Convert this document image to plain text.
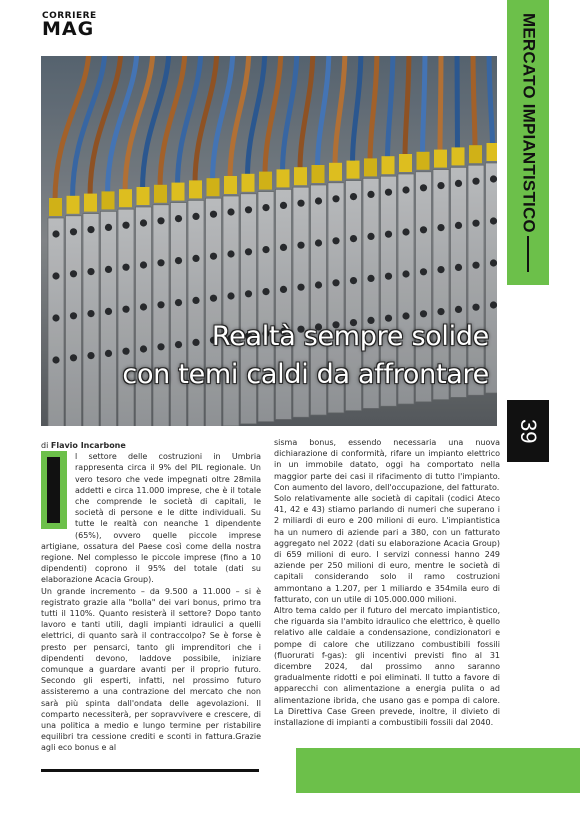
CORRIERE
MAG	MERCATO IMPIANTISTICO
39
Realtà sempre solide
con temi caldi da affrontare
di Flavio Incarbone

l settore delle costruzioni in Umbria rappresenta circa il 9% del PIL regionale. Un vero tesoro che vede impegnati oltre 28mila addetti e circa 11.000 imprese, che è il totale che comprende le società di capitali, le società di persone e le ditte individuali. Su tutte le realtà con neanche 1 dipendente (65%), ovvero quelle piccole imprese artigiane, ossatura del Paese così come della nostra regione. Nel complesso le piccole imprese (fino a 10 dipendenti) coprono il 95% del totale (dati su elaborazione Acacia Group).

Un grande incremento – da 9.500 a 11.000 – si è registrato grazie alla "bolla" dei vari bonus, primo tra tutti il 110%. Quanto resisterà il settore? Dopo tanto lavoro e tanti utili, dagli impianti idraulici a quelli elettrici, di quanto sarà il contraccolpo? Se è forse è presto per pensarci, tanto gli imprenditori che i dipendenti devono, laddove possibile, iniziare comunque a guardare avanti per il proprio futuro. Secondo gli esperti, infatti, nel prossimo futuro assisteremo a una contrazione del mercato che non sarà più spinta dall'ondata delle agevolazioni. Il comparto necessiterà, per sopravvivere e crescere, di una politica a medio e lungo termine per ristabilire equilibri tra cessione crediti e sconti in fattura.Grazie agli eco bonus e al

sisma bonus, essendo necessaria una nuova dichiarazione di conformità, rifare un impianto elettrico in un immobile datato, oggi ha comportato nella maggior parte dei casi il rifacimento di tutto l'impianto. Con aumento del lavoro, dell'occupazione, del fatturato.

Solo relativamente alle società di capitali (codici Ateco 41, 42 e 43) stiamo parlando di numeri che superano i 2 miliardi di euro e 200 milioni di euro. L'impiantistica ha un numero di aziende pari a 380, con un fatturato aggregato nel 2022 (dati su elaborazione Acacia Group) di 659 milioni di euro. I servizi connessi hanno 249 aziende per 250 milioni di euro, mentre le società di capitali considerando solo il ramo costruzioni ammontano a 1.207, per 1 miliardo e 354mila euro di fatturato, con un utile di 105.000.000 milioni.

Altro tema caldo per il futuro del mercato impiantistico, che riguarda sia l'ambito idraulico che elettrico, è quello relativo alle caldaie a condensazione, condizionatori e pompe di calore che utilizzano combustibili fossili (fluorurati f-gas): gli incentivi previsti fino al 31 dicembre 2024, dal prossimo anno saranno gradualmente ridotti e poi eliminati. Il tutto a favore di apparecchi con alimentazione a energia pulita o ad alimentazione ibrida, che usano gas e pompa di calore. La Direttiva Case Green prevede, inoltre, il divieto di installazione di impianti a combustibili fossili dal 2040.
